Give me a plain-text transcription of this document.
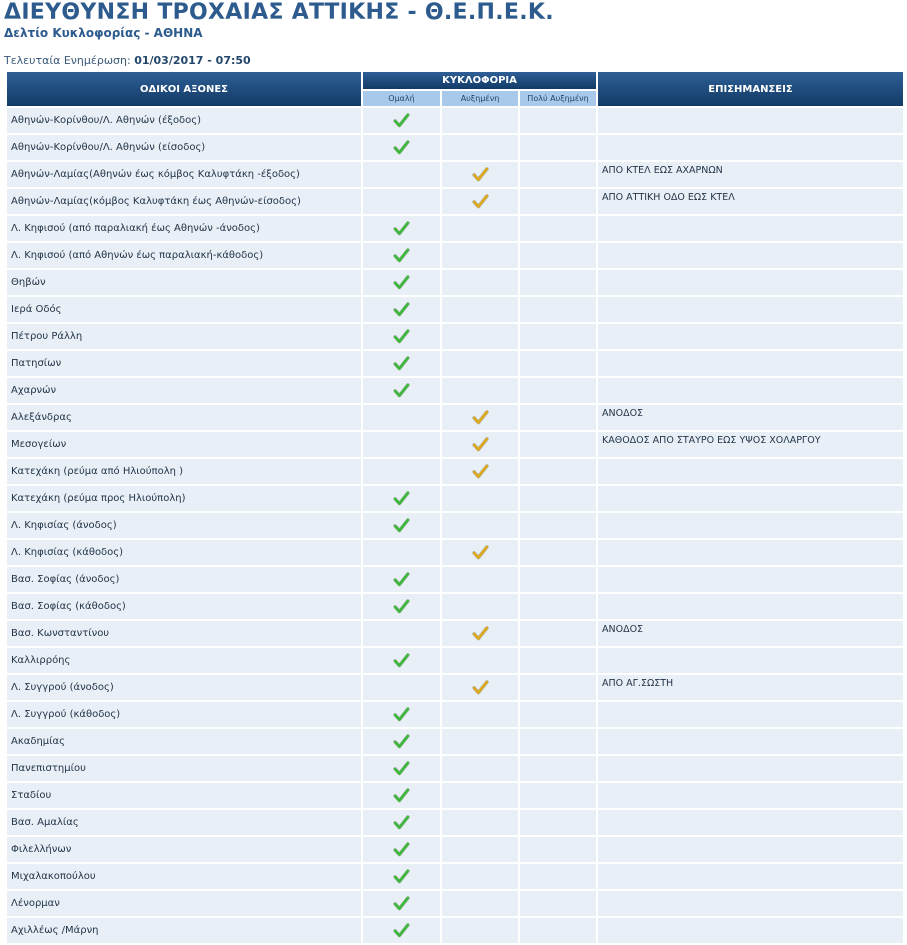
ΔΙΕΥΘΥΝΣΗ ΤΡΟΧΑΙΑΣ ΑΤΤΙΚΗΣ - Θ.Ε.Π.Ε.Κ.
Δελτίο Κυκλοφορίας - ΑΘΗΝΑ
Τελευταία Ενημέρωση: 01/03/2017 - 07:50
ΟΔΙΚΟΙ ΑΞΟΝΕΣ	ΚΥΚΛΟΦΟΡΙΑ			ΕΠΙΣΗΜΑΝΣΕΙΣ
	Ομαλή	Αυξημένη	Πολύ Αυξημένη	
Αθηνών-Κορίνθου/Λ. Αθηνών (έξοδος)				
Αθηνών-Κορίνθου/Λ. Αθηνών (είσοδος)				
Αθηνών-Λαμίας(Αθηνών έως κόμβος Καλυφτάκη -έξοδος)				ΑΠΟ ΚΤΕΛ ΕΩΣ ΑΧΑΡΝΩΝ
Αθηνών-Λαμίας(κόμβος Καλυφτάκη έως Αθηνών-είσοδος)				ΑΠΟ ΑΤΤΙΚΗ ΟΔΟ ΕΩΣ ΚΤΕΛ
Λ. Κηφισού (από παραλιακή έως Αθηνών -άνοδος)				
Λ. Κηφισού (από Αθηνών έως παραλιακή-κάθοδος)				
Θηβών				
Ιερά Οδός				
Πέτρου Ράλλη				
Πατησίων				
Αχαρνών				
Αλεξάνδρας				ΑΝΟΔΟΣ
Μεσογείων				ΚΑΘΟΔΟΣ ΑΠΟ ΣΤΑΥΡΟ ΕΩΣ ΥΨΟΣ ΧΟΛΑΡΓΟΥ
Κατεχάκη (ρεύμα από Ηλιούπολη )				
Κατεχάκη (ρεύμα προς Ηλιούπολη)				
Λ. Κηφισίας (άνοδος)				
Λ. Κηφισίας (κάθοδος)				
Βασ. Σοφίας (άνοδος)				
Βασ. Σοφίας (κάθοδος)				
Βασ. Κωνσταντίνου				ΑΝΟΔΟΣ
Καλλιρρόης				
Λ. Συγγρού (άνοδος)				ΑΠΟ ΑΓ.ΣΩΣΤΗ
Λ. Συγγρού (κάθοδος)				
Ακαδημίας				
Πανεπιστημίου				
Σταδίου				
Βασ. Αμαλίας				
Φιλελλήνων				
Μιχαλακοπούλου				
Λένορμαν				
Αχιλλέως /Μάρνη				
